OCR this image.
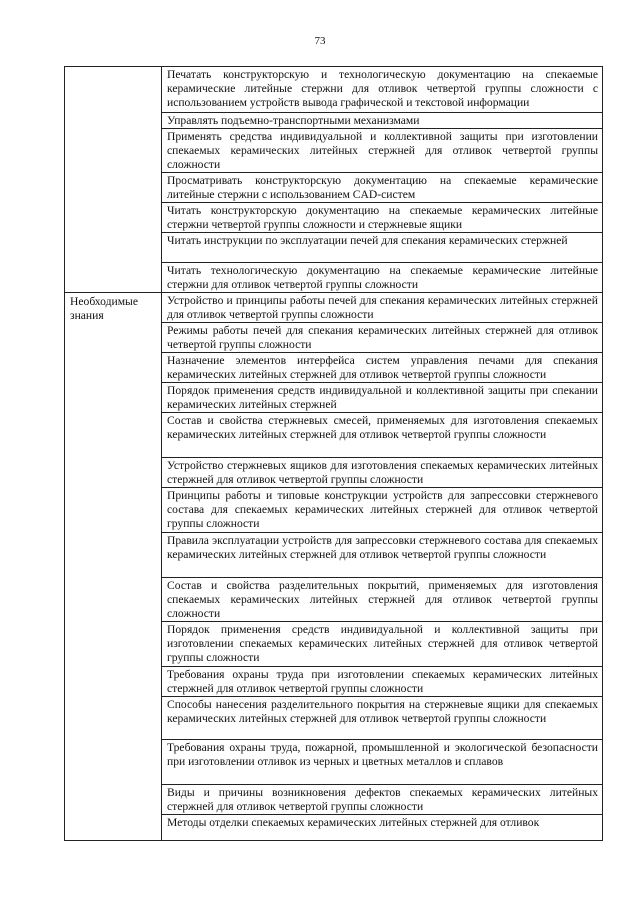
73
	Печатать конструкторскую и технологическую документацию на спекаемые керамические литейные стержни для отливок четвертой группы сложности с использованием устройств вывода графической и текстовой информации
	Управлять подъемно-транспортными механизмами
	Применять средства индивидуальной и коллективной защиты при изготовлении спекаемых керамических литейных стержней для отливок четвертой группы сложности
	Просматривать конструкторскую документацию на спекаемые керамические литейные стержни с использованием CAD-систем
	Читать конструкторскую документацию на спекаемые керамических литейные стержни четвертой группы сложности и стержневые ящики
	Читать инструкции по эксплуатации печей для спекания керамических стержней
	Читать технологическую документацию на спекаемые керамические литейные стержни для отливок четвертой группы сложности
Необходимые знания	Устройство и принципы работы печей для спекания керамических литейных стержней для отливок четвертой группы сложности
	Режимы работы печей для спекания керамических литейных стержней для отливок четвертой группы сложности
	Назначение элементов интерфейса систем управления печами для спекания керамических литейных стержней для отливок четвертой группы сложности
	Порядок применения средств индивидуальной и коллективной защиты при спекании керамических литейных стержней
	Состав и свойства стержневых смесей, применяемых для изготовления спекаемых керамических литейных стержней для отливок четвертой группы сложности
	Устройство стержневых ящиков для изготовления спекаемых керамических литейных стержней для отливок четвертой группы сложности
	Принципы работы и типовые конструкции устройств для запрессовки стержневого состава для спекаемых керамических литейных стержней для отливок четвертой группы сложности
	Правила эксплуатации устройств для запрессовки стержневого состава для спекаемых керамических литейных стержней для отливок четвертой группы сложности
	Состав и свойства разделительных покрытий, применяемых для изготовления спекаемых керамических литейных стержней для отливок четвертой группы сложности
	Порядок применения средств индивидуальной и коллективной защиты при изготовлении спекаемых керамических литейных стержней для отливок четвертой группы сложности
	Требования охраны труда при изготовлении спекаемых керамических литейных стержней для отливок четвертой группы сложности
	Способы нанесения разделительного покрытия на стержневые ящики для спекаемых керамических литейных стержней для отливок четвертой группы сложности
	Требования охраны труда, пожарной, промышленной и экологической безопасности при изготовлении отливок из черных и цветных металлов и сплавов
	Виды и причины возникновения дефектов спекаемых керамических литейных стержней для отливок четвертой группы сложности
	Методы отделки спекаемых керамических литейных стержней для отливок
